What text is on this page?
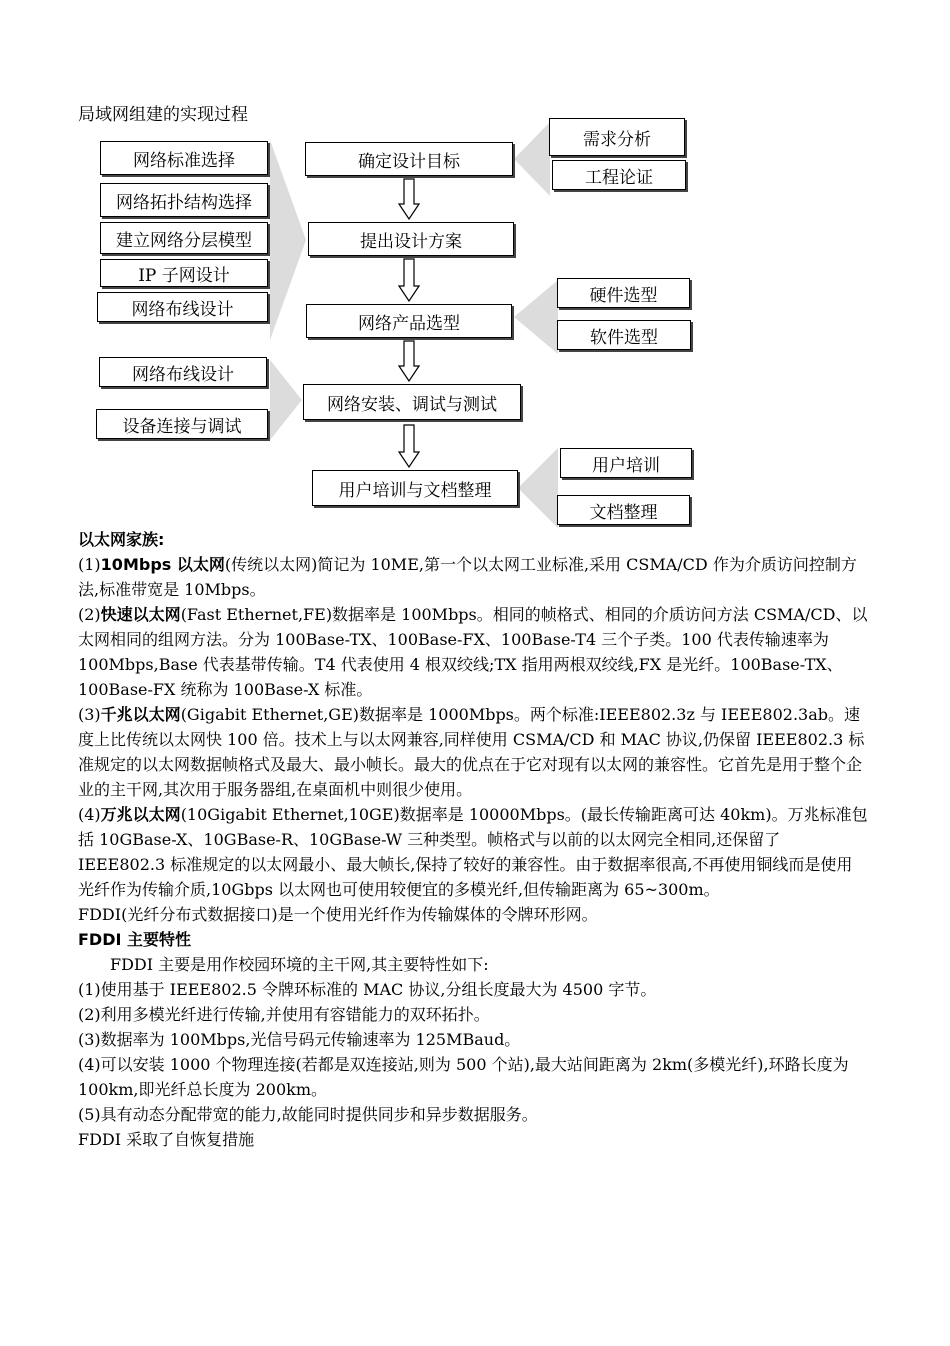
局域网组建的实现过程
确定设计目标
提出设计方案
网络产品选型
网络安装、调试与测试
用户培训与文档整理
网络标准选择
网络拓扑结构选择
建立网络分层模型
IP 子网设计
网络布线设计
网络布线设计
设备连接与调试
需求分析
工程论证
硬件选型
软件选型
用户培训
文档整理

以太网家族:

(1)10Mbps 以太网(传统以太网)简记为 10ME,第一个以太网工业标准,采用 CSMA/CD 作为介质访问控制方法,标准带宽是 10Mbps。

(2)快速以太网(Fast Ethernet,FE)数据率是 100Mbps。相同的帧格式、相同的介质访问方法 CSMA/CD、以太网相同的组网方法。分为 100Base-TX、100Base-FX、100Base-T4 三个子类。100 代表传输速率为 100Mbps,Base 代表基带传输。T4 代表使用 4 根双绞线;TX 指用两根双绞线,FX 是光纤。100Base-TX、100Base-FX 统称为 100Base-X 标准。

(3)千兆以太网(Gigabit Ethernet,GE)数据率是 1000Mbps。两个标准:IEEE802.3z 与 IEEE802.3ab。速度上比传统以太网快 100 倍。技术上与以太网兼容,同样使用 CSMA/CD 和 MAC 协议,仍保留 IEEE802.3 标准规定的以太网数据帧格式及最大、最小帧长。最大的优点在于它对现有以太网的兼容性。它首先是用于整个企业的主干网,其次用于服务器组,在桌面机中则很少使用。

(4)万兆以太网(10Gigabit Ethernet,10GE)数据率是 10000Mbps。(最长传输距离可达 40km)。万兆标准包括 10GBase-X、10GBase-R、10GBase-W 三种类型。帧格式与以前的以太网完全相同,还保留了 IEEE802.3 标准规定的以太网最小、最大帧长,保持了较好的兼容性。由于数据率很高,不再使用铜线而是使用光纤作为传输介质,10Gbps 以太网也可使用较便宜的多模光纤,但传输距离为 65~300m。

FDDI(光纤分布式数据接口)是一个使用光纤作为传输媒体的令牌环形网。

FDDI 主要特性

FDDI 主要是用作校园环境的主干网,其主要特性如下:

(1)使用基于 IEEE802.5 令牌环标准的 MAC 协议,分组长度最大为 4500 字节。

(2)利用多模光纤进行传输,并使用有容错能力的双环拓扑。

(3)数据率为 100Mbps,光信号码元传输速率为 125MBaud。

(4)可以安装 1000 个物理连接(若都是双连接站,则为 500 个站),最大站间距离为 2km(多模光纤),环路长度为 100km,即光纤总长度为 200km。

(5)具有动态分配带宽的能力,故能同时提供同步和异步数据服务。

FDDI 采取了自恢复措施
